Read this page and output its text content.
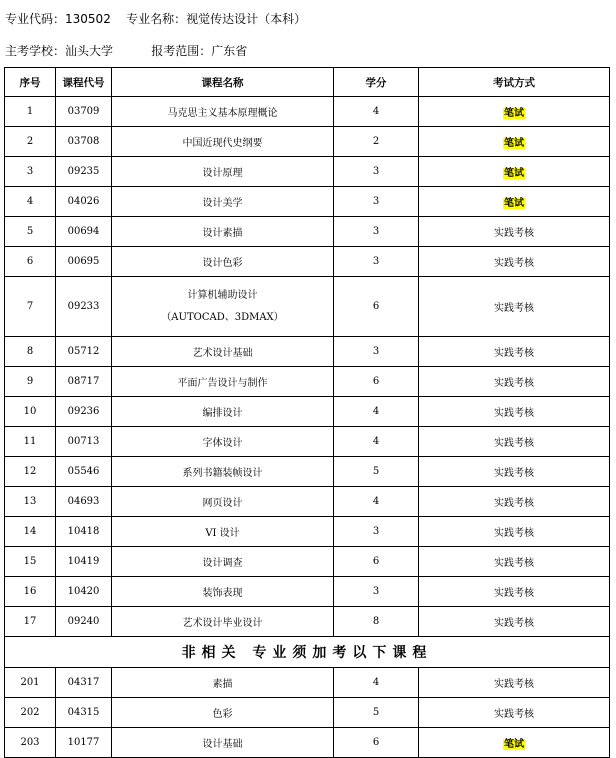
专业代码：130502 专业名称：视觉传达设计（本科）
主考学校：汕头大学	报考范围：广东省
序号	课程代号	课程名称	学分	考试方式
1	03709	马克思主义基本原理概论	4	笔试
2	03708	中国近现代史纲要	2	笔试
3	09235	设计原理	3	笔试
4	04026	设计美学	3	笔试
5	00694	设计素描	3	实践考核
6	00695	设计色彩	3	实践考核
7	09233	计算机辅助设计
（AUTOCAD、3DMAX）	6	实践考核
8	05712	艺术设计基础	3	实践考核
9	08717	平面广告设计与制作	6	实践考核
10	09236	编排设计	4	实践考核
11	00713	字体设计	4	实践考核
12	05546	系列书籍装帧设计	5	实践考核
13	04693	网页设计	4	实践考核
14	10418	VI 设计	3	实践考核
15	10419	设计调查	6	实践考核
16	10420	装饰表现	3	实践考核
17	09240	艺术设计毕业设计	8	实践考核
非相关 专业须加考以下课程				
201	04317	素描	4	实践考核
202	04315	色彩	5	实践考核
203	10177	设计基础	6	笔试
